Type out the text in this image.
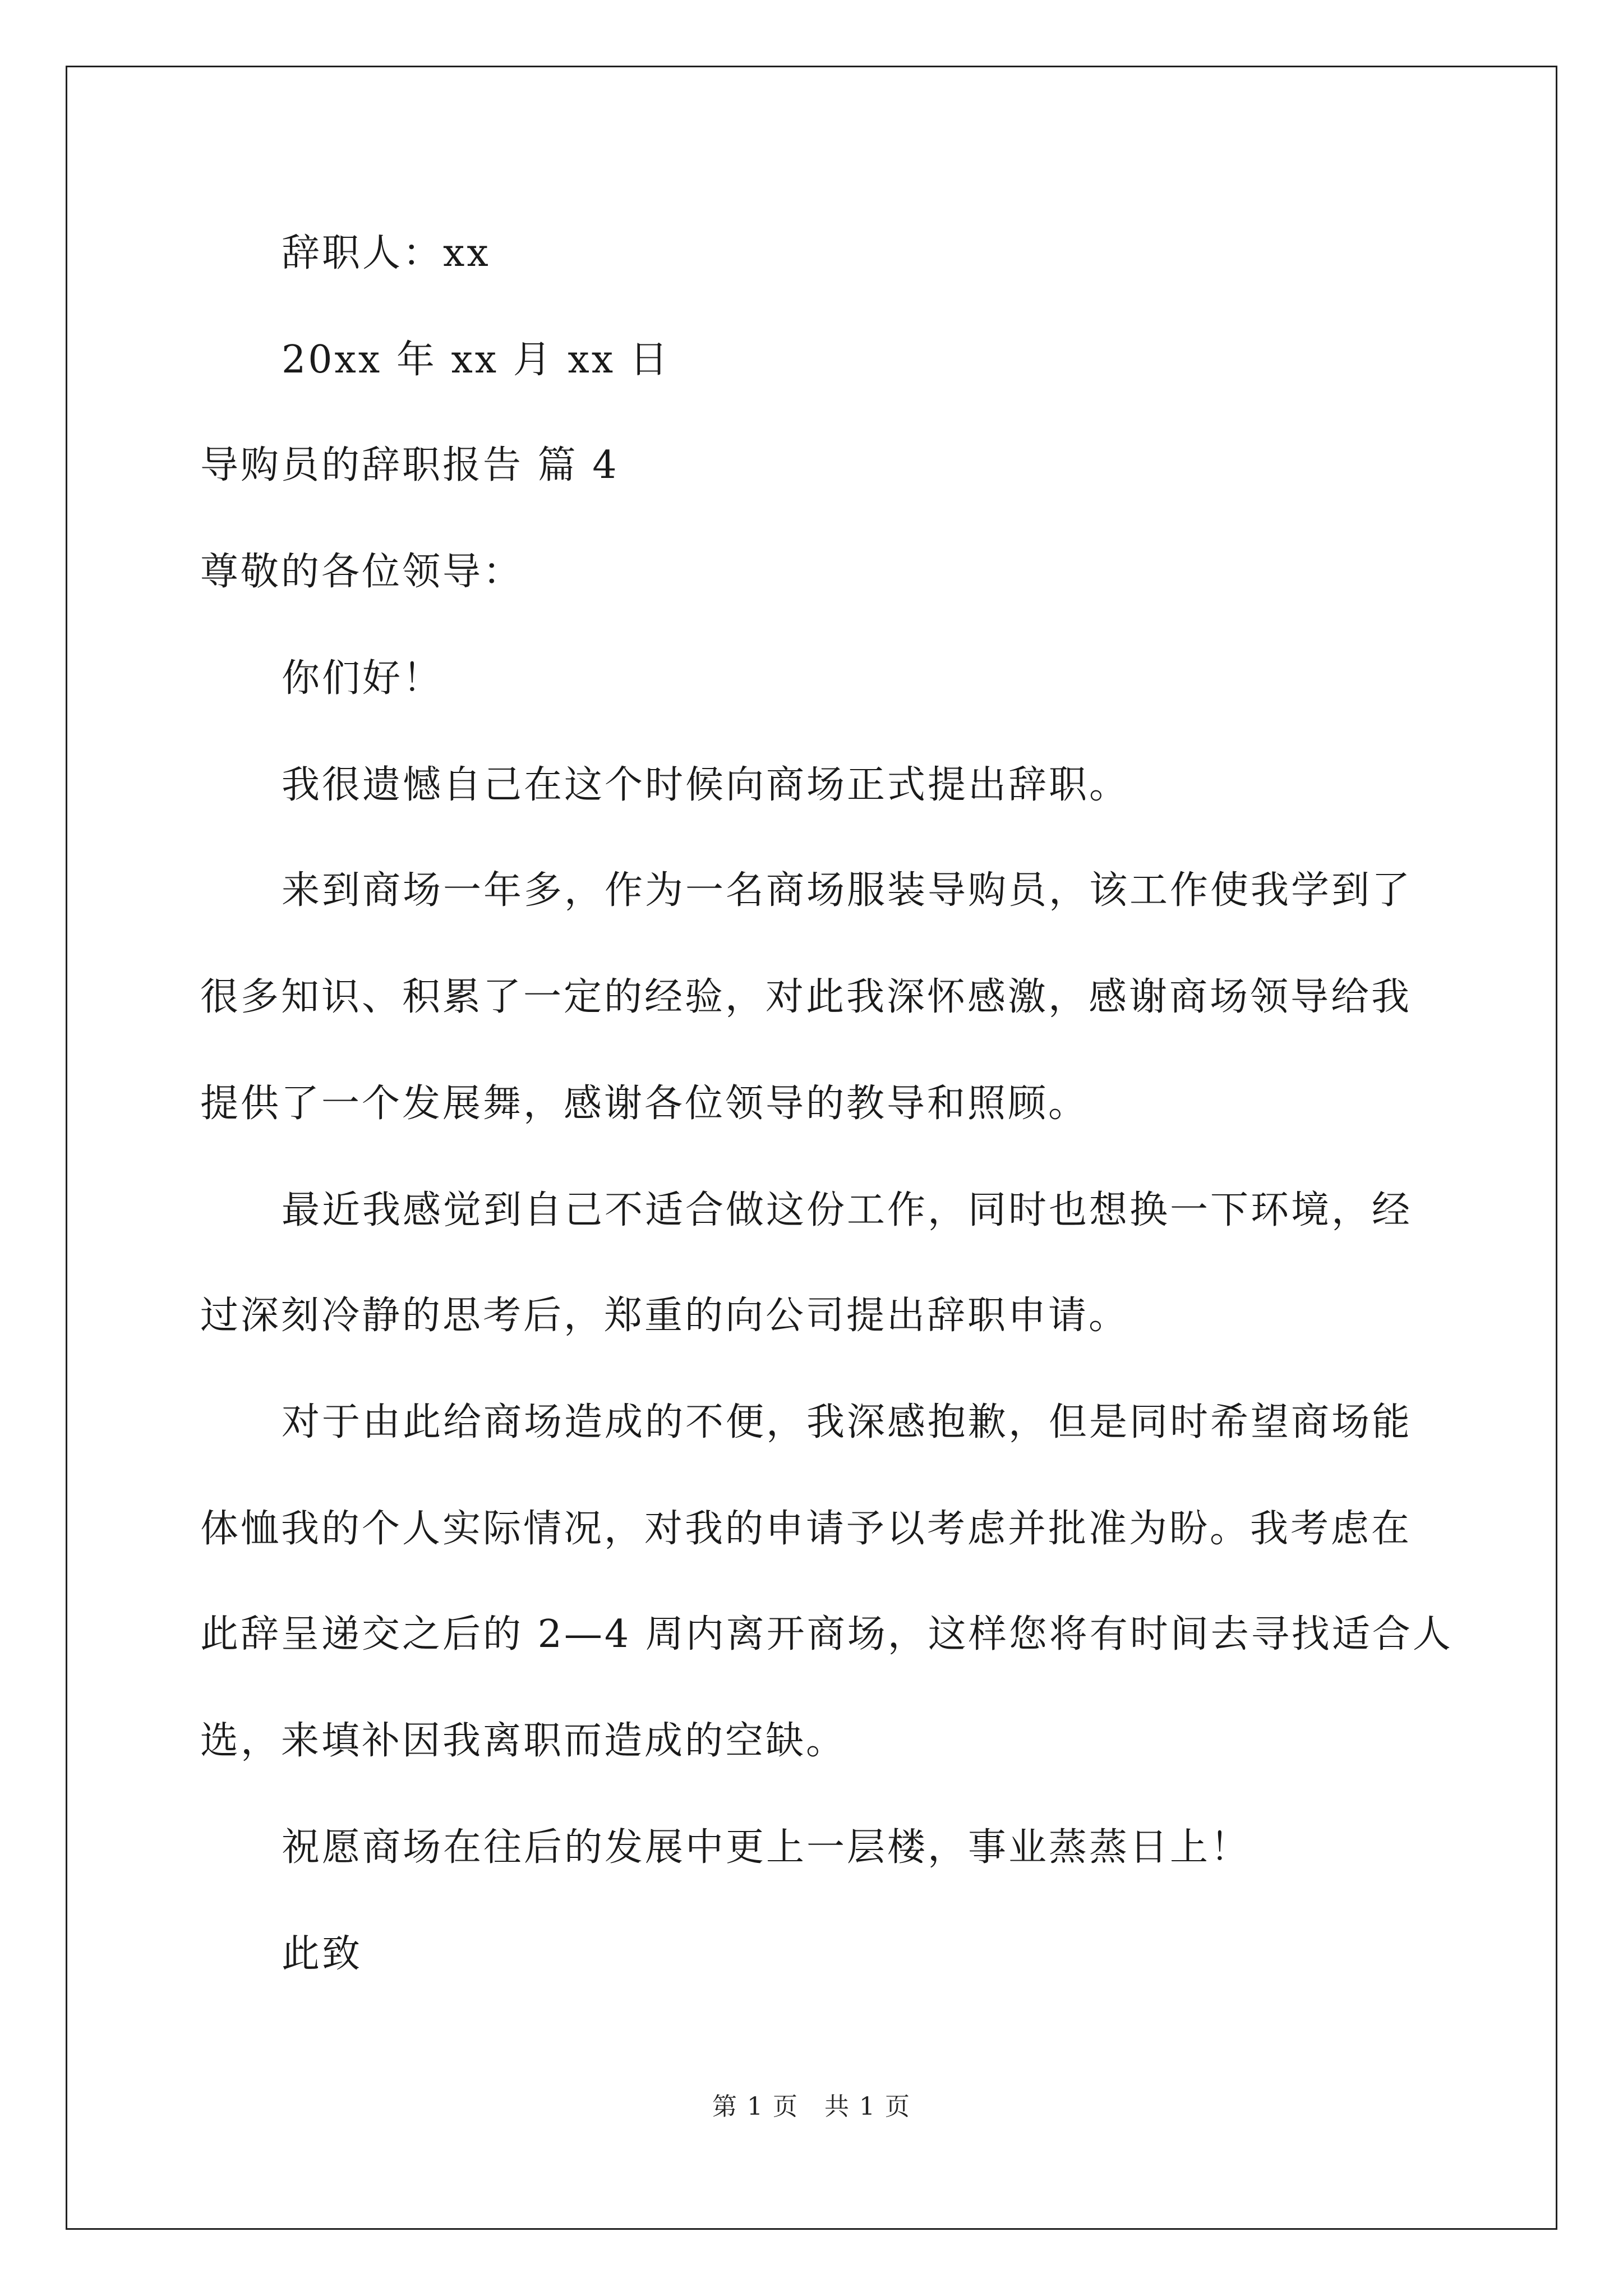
辞职人：xx
20xx 年 xx 月 xx 日
导购员的辞职报告 篇 4
尊敬的各位领导：
你们好！
我很遗憾自己在这个时候向商场正式提出辞职。
来到商场一年多，作为一名商场服装导购员，该工作使我学到了
很多知识、积累了一定的经验，对此我深怀感激，感谢商场领导给我
提供了一个发展舞，感谢各位领导的教导和照顾。
最近我感觉到自己不适合做这份工作，同时也想换一下环境，经
过深刻冷静的思考后，郑重的向公司提出辞职申请。
对于由此给商场造成的不便，我深感抱歉，但是同时希望商场能
体恤我的个人实际情况，对我的申请予以考虑并批准为盼。我考虑在
此辞呈递交之后的 2—4 周内离开商场，这样您将有时间去寻找适合人
选，来填补因我离职而造成的空缺。
祝愿商场在往后的发展中更上一层楼，事业蒸蒸日上！
此致
第 1 页　共 1 页
